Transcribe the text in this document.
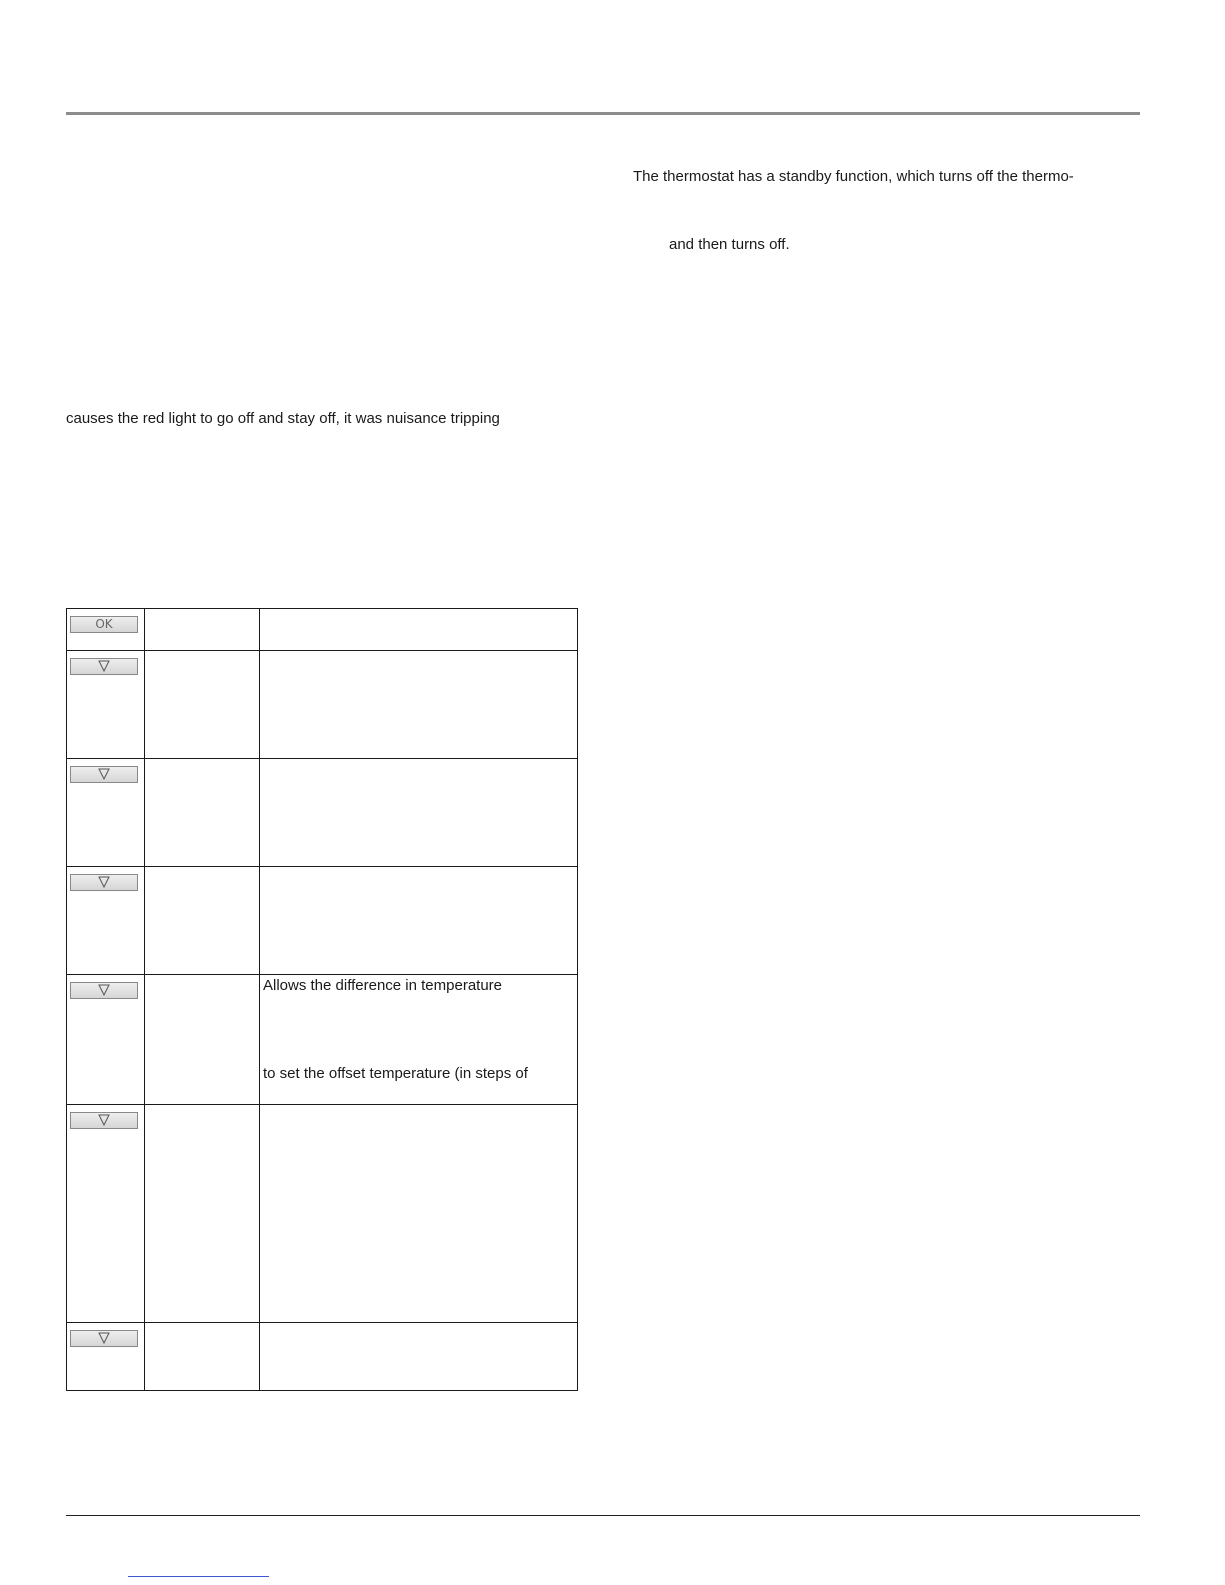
The thermostat has a standby function, which turns off the thermo-
and then turns off.
causes the red light to go off and stay off, it was nuisance tripping
OK		

Allows the difference in temperature
to set the offset temperature (in steps of
